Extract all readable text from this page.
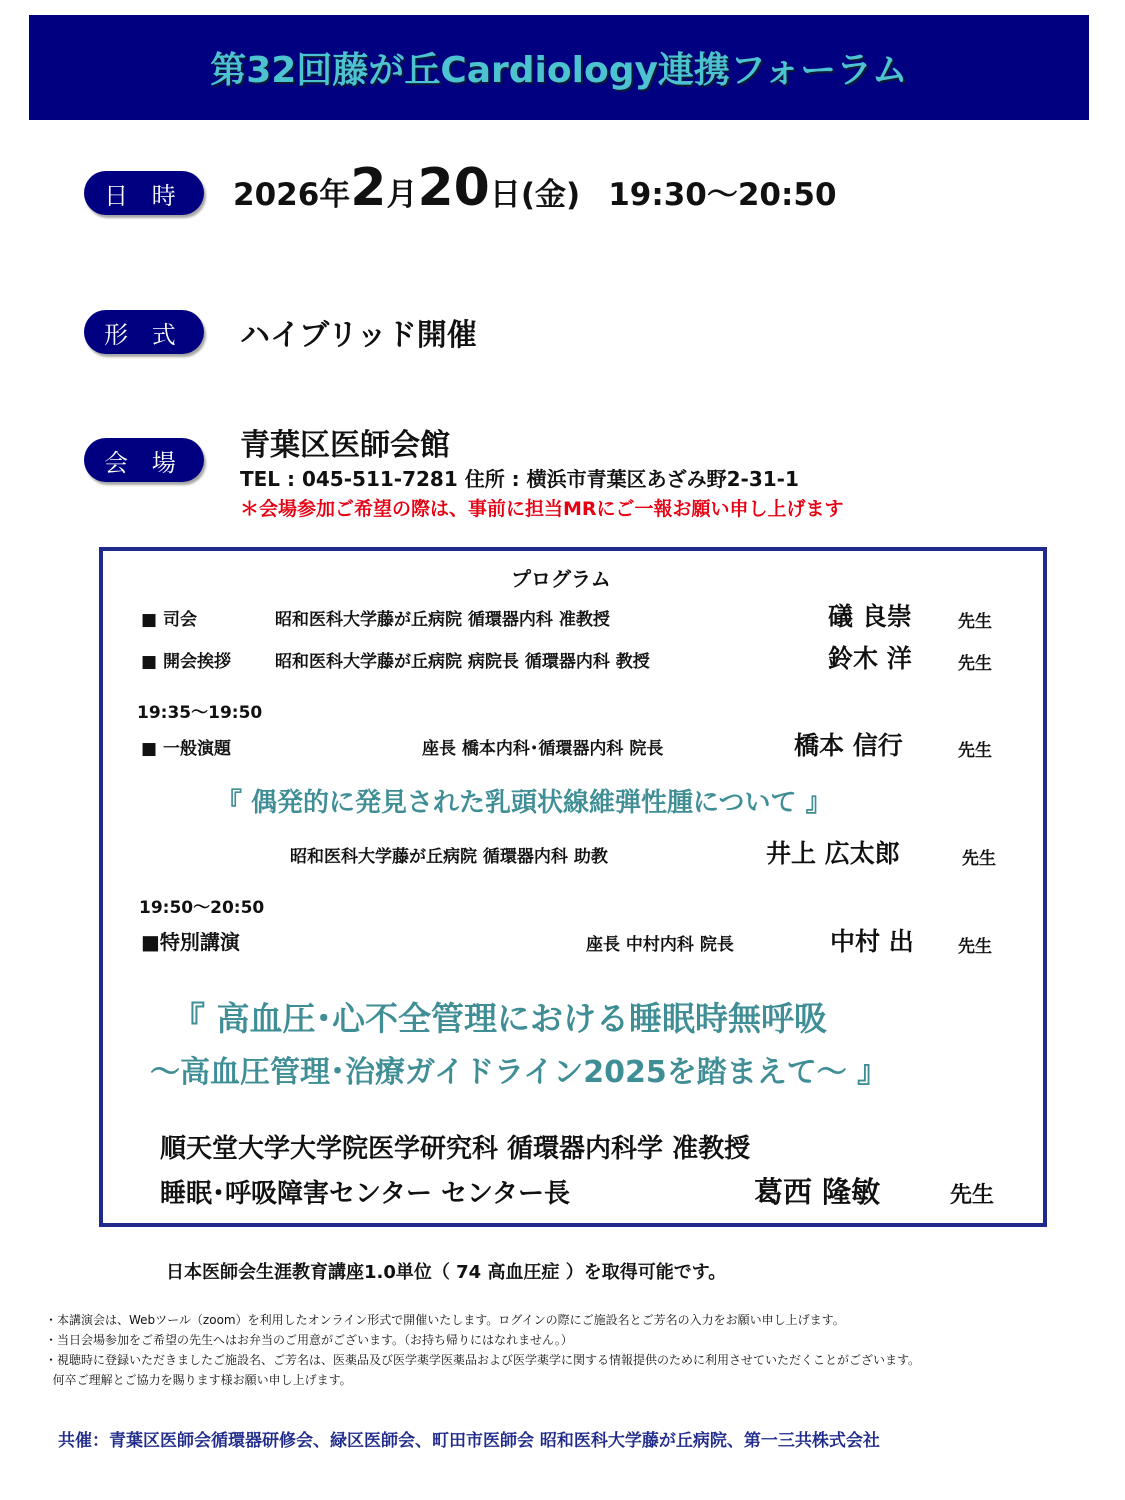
第32回藤が丘Cardiology連携フォーラム
日 時	2026年2月20日(金) 19:30～20:50
形 式	ハイブリッド開催
会 場	青葉区医師会館
TEL : 045-511-7281 住所 : 横浜市青葉区あざみ野2-31-1
＊会場参加ご希望の際は、事前に担当MRにご一報お願い申し上げます
プログラム
■ 司会	昭和医科大学藤が丘病院 循環器内科 准教授	礒 良崇	先生
■ 開会挨拶	昭和医科大学藤が丘病院 病院長 循環器内科 教授	鈴木 洋	先生
19:35～19:50
■ 一般演題	座長 橋本内科･循環器内科 院長	橋本 信行	先生
『 偶発的に発見された乳頭状線維弾性腫について 』
昭和医科大学藤が丘病院 循環器内科 助教	井上 広太郎	先生
19:50～20:50
■特別講演	座長 中村内科 院長	中村 出	先生
『 高血圧･心不全管理における睡眠時無呼吸
～高血圧管理･治療ガイドライン2025を踏まえて～ 』
順天堂大学大学院医学研究科 循環器内科学 准教授
睡眠･呼吸障害センター センター長	葛西 隆敏	先生
日本医師会生涯教育講座1.0単位（ 74 高血圧症 ）を取得可能です。
・本講演会は、Webツール（zoom）を利用したオンライン形式で開催いたします。ログインの際にご施設名とご芳名の入力をお願い申し上げます。
・当日会場参加をご希望の先生へはお弁当のご用意がございます。（お持ち帰りにはなれません。）
・視聴時に登録いただきましたご施設名、ご芳名は、医薬品及び医学薬学医薬品および医学薬学に関する情報提供のために利用させていただくことがございます。
何卒ご理解とご協力を賜ります様お願い申し上げます。
共催：青葉区医師会循環器研修会、緑区医師会、町田市医師会 昭和医科大学藤が丘病院、第一三共株式会社
